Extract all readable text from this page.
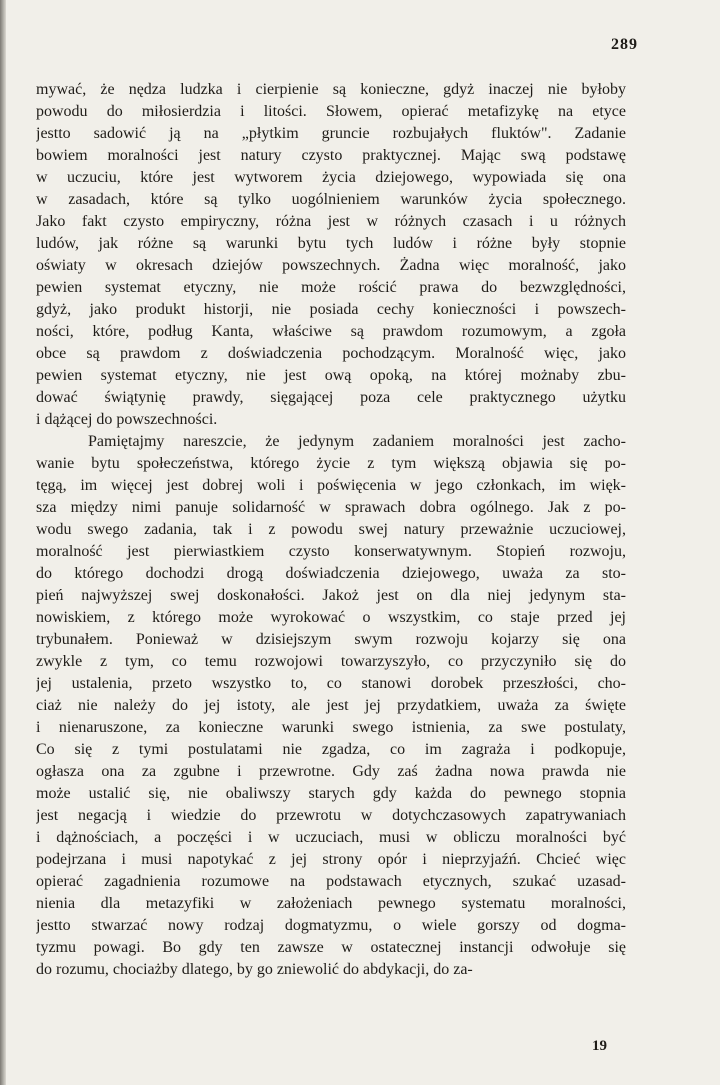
289
mywać, że nędza ludzka i cierpienie są konieczne, gdyż inaczej nie byłoby
powodu do miłosierdzia i litości. Słowem, opierać metafizykę na etyce
jestto sadowić ją na „płytkim gruncie rozbujałych fluktów". Zadanie
bowiem moralności jest natury czysto praktycznej. Mając swą podstawę
w uczuciu, które jest wytworem życia dziejowego, wypowiada się ona
w zasadach, które są tylko uogólnieniem warunków życia społecznego.
Jako fakt czysto empiryczny, różna jest w różnych czasach i u różnych
ludów, jak różne są warunki bytu tych ludów i różne były stopnie
oświaty w okresach dziejów powszechnych. Żadna więc moralność, jako
pewien systemat etyczny, nie może rościć prawa do bezwzględności,
gdyż, jako produkt historji, nie posiada cechy konieczności i powszech-
ności, które, podług Kanta, właściwe są prawdom rozumowym, a zgoła
obce są prawdom z doświadczenia pochodzącym. Moralność więc, jako
pewien systemat etyczny, nie jest ową opoką, na której możnaby zbu-
dować świątynię prawdy, sięgającej poza cele praktycznego użytku
i dążącej do powszechności.
Pamiętajmy nareszcie, że jedynym zadaniem moralności jest zacho-
wanie bytu społeczeństwa, którego życie z tym większą objawia się po-
tęgą, im więcej jest dobrej woli i poświęcenia w jego członkach, im więk-
sza między nimi panuje solidarność w sprawach dobra ogólnego. Jak z po-
wodu swego zadania, tak i z powodu swej natury przeważnie uczuciowej,
moralność jest pierwiastkiem czysto konserwatywnym. Stopień rozwoju,
do którego dochodzi drogą doświadczenia dziejowego, uważa za sto-
pień najwyższej swej doskonałości. Jakoż jest on dla niej jedynym sta-
nowiskiem, z którego może wyrokować o wszystkim, co staje przed jej
trybunałem. Ponieważ w dzisiejszym swym rozwoju kojarzy się ona
zwykle z tym, co temu rozwojowi towarzyszyło, co przyczyniło się do
jej ustalenia, przeto wszystko to, co stanowi dorobek przeszłości, cho-
ciaż nie należy do jej istoty, ale jest jej przydatkiem, uważa za święte
i nienaruszone, za konieczne warunki swego istnienia, za swe postulaty,
Co się z tymi postulatami nie zgadza, co im zagraża i podkopuje,
ogłasza ona za zgubne i przewrotne. Gdy zaś żadna nowa prawda nie
może ustalić się, nie obaliwszy starych gdy każda do pewnego stopnia
jest negacją i wiedzie do przewrotu w dotychczasowych zapatrywaniach
i dążnościach, a poczęści i w uczuciach, musi w obliczu moralności być
podejrzana i musi napotykać z jej strony opór i nieprzyjaźń. Chcieć więc
opierać zagadnienia rozumowe na podstawach etycznych, szukać uzasad-
nienia dla metazyfiki w założeniach pewnego systematu moralności,
jestto stwarzać nowy rodzaj dogmatyzmu, o wiele gorszy od dogma-
tyzmu powagi. Bo gdy ten zawsze w ostatecznej instancji odwołuje się
do rozumu, chociażby dlatego, by go zniewolić do abdykacji, do za-
19
